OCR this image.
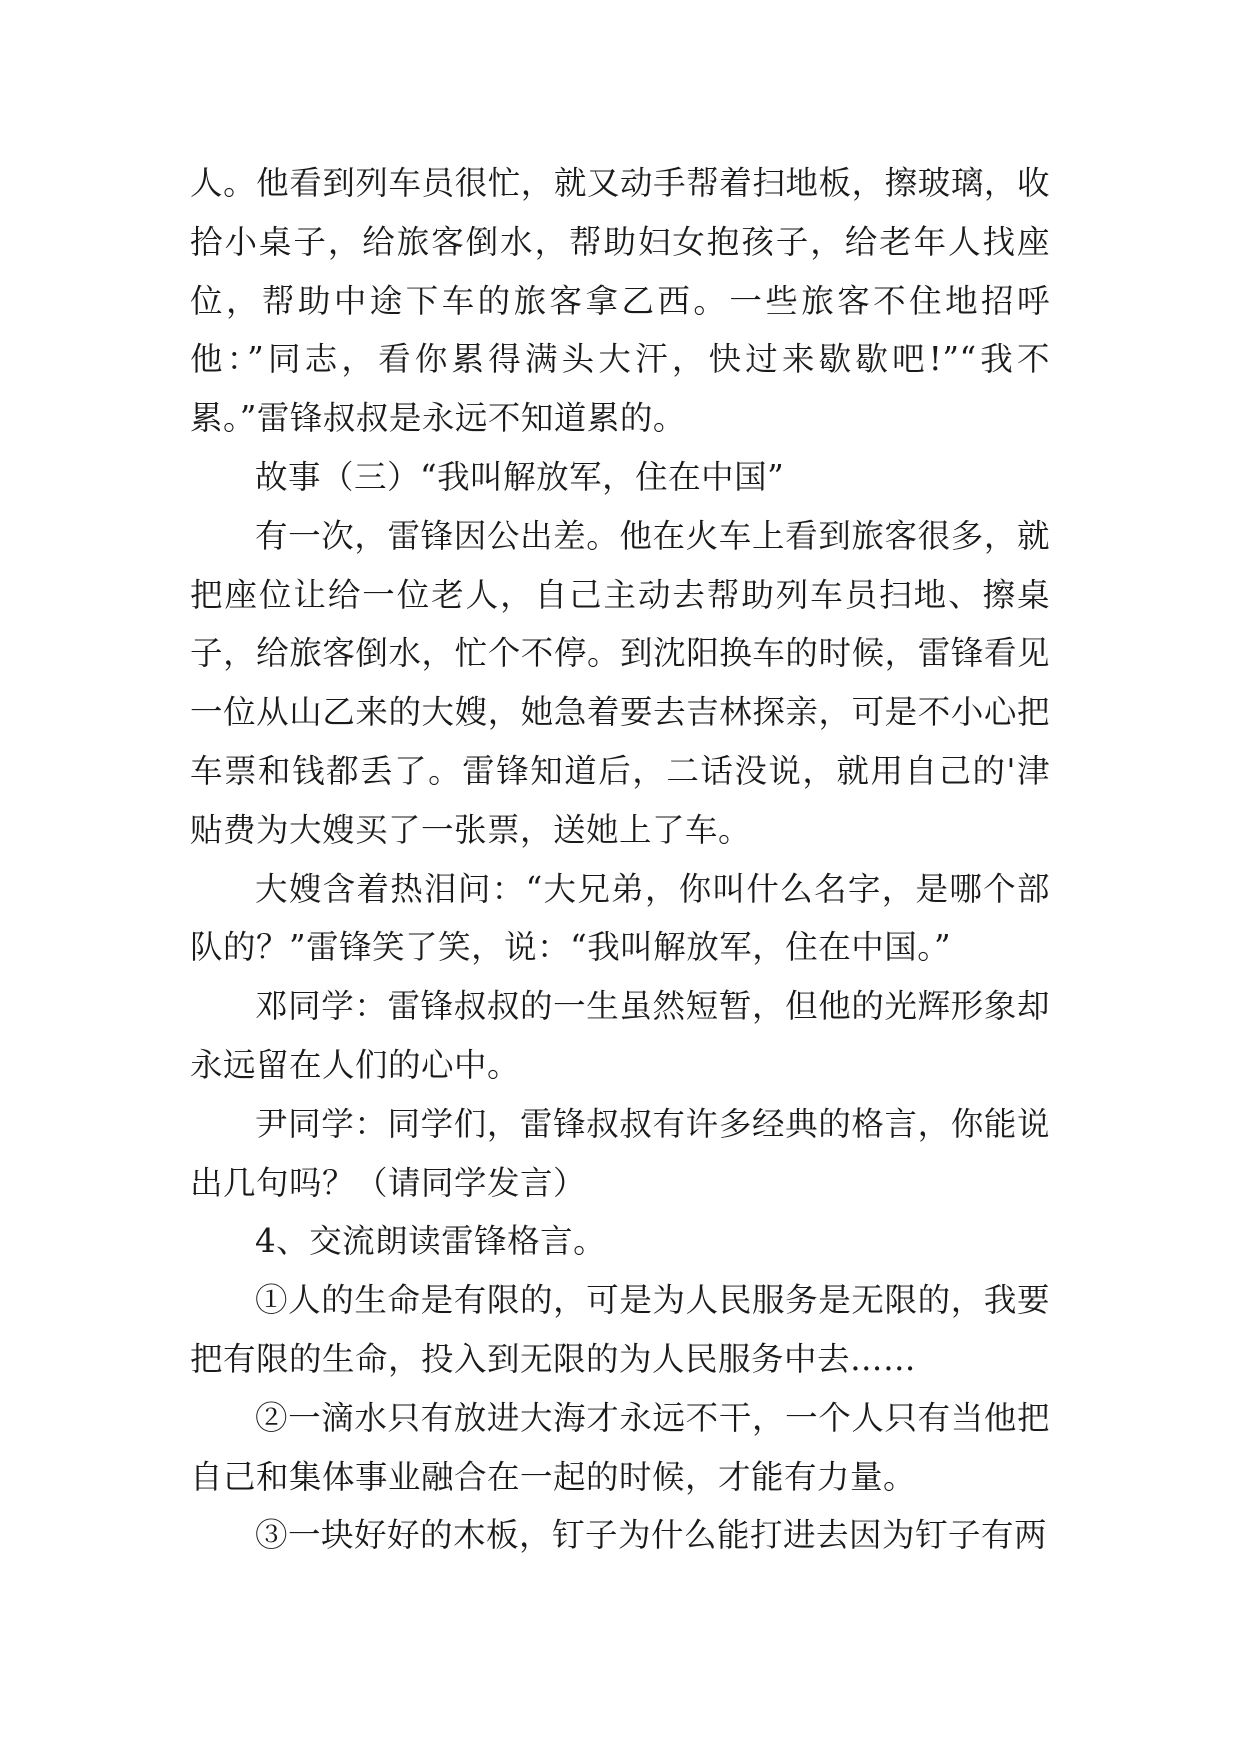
人。他看到列车员很忙，就又动手帮着扫地板，擦玻璃，收拾小桌子，给旅客倒水，帮助妇女抱孩子，给老年人找座位，帮助中途下车的旅客拿乙西。一些旅客不住地招呼他：”同志，看你累得满头大汗，快过来歇歇吧!”“我不累。”雷锋叔叔是永远不知道累的。

故事（三）“我叫解放军，住在中国”

有一次，雷锋因公出差。他在火车上看到旅客很多，就把座位让给一位老人，自己主动去帮助列车员扫地、擦桌子，给旅客倒水，忙个不停。到沈阳换车的时候，雷锋看见一位从山乙来的大嫂，她急着要去吉林探亲，可是不小心把车票和钱都丢了。雷锋知道后，二话没说，就用自己的'津贴费为大嫂买了一张票，送她上了车。

大嫂含着热泪问：“大兄弟，你叫什么名字，是哪个部队的？”雷锋笑了笑，说：“我叫解放军，住在中国。”

邓同学：雷锋叔叔的一生虽然短暂，但他的光辉形象却永远留在人们的心中。

尹同学：同学们，雷锋叔叔有许多经典的格言，你能说出几句吗？（请同学发言）

4、交流朗读雷锋格言。

①人的生命是有限的，可是为人民服务是无限的，我要把有限的生命，投入到无限的为人民服务中去……

②一滴水只有放进大海才永远不干，一个人只有当他把自己和集体事业融合在一起的时候，才能有力量。

③一块好好的木板，钉子为什么能打进去因为钉子有两
